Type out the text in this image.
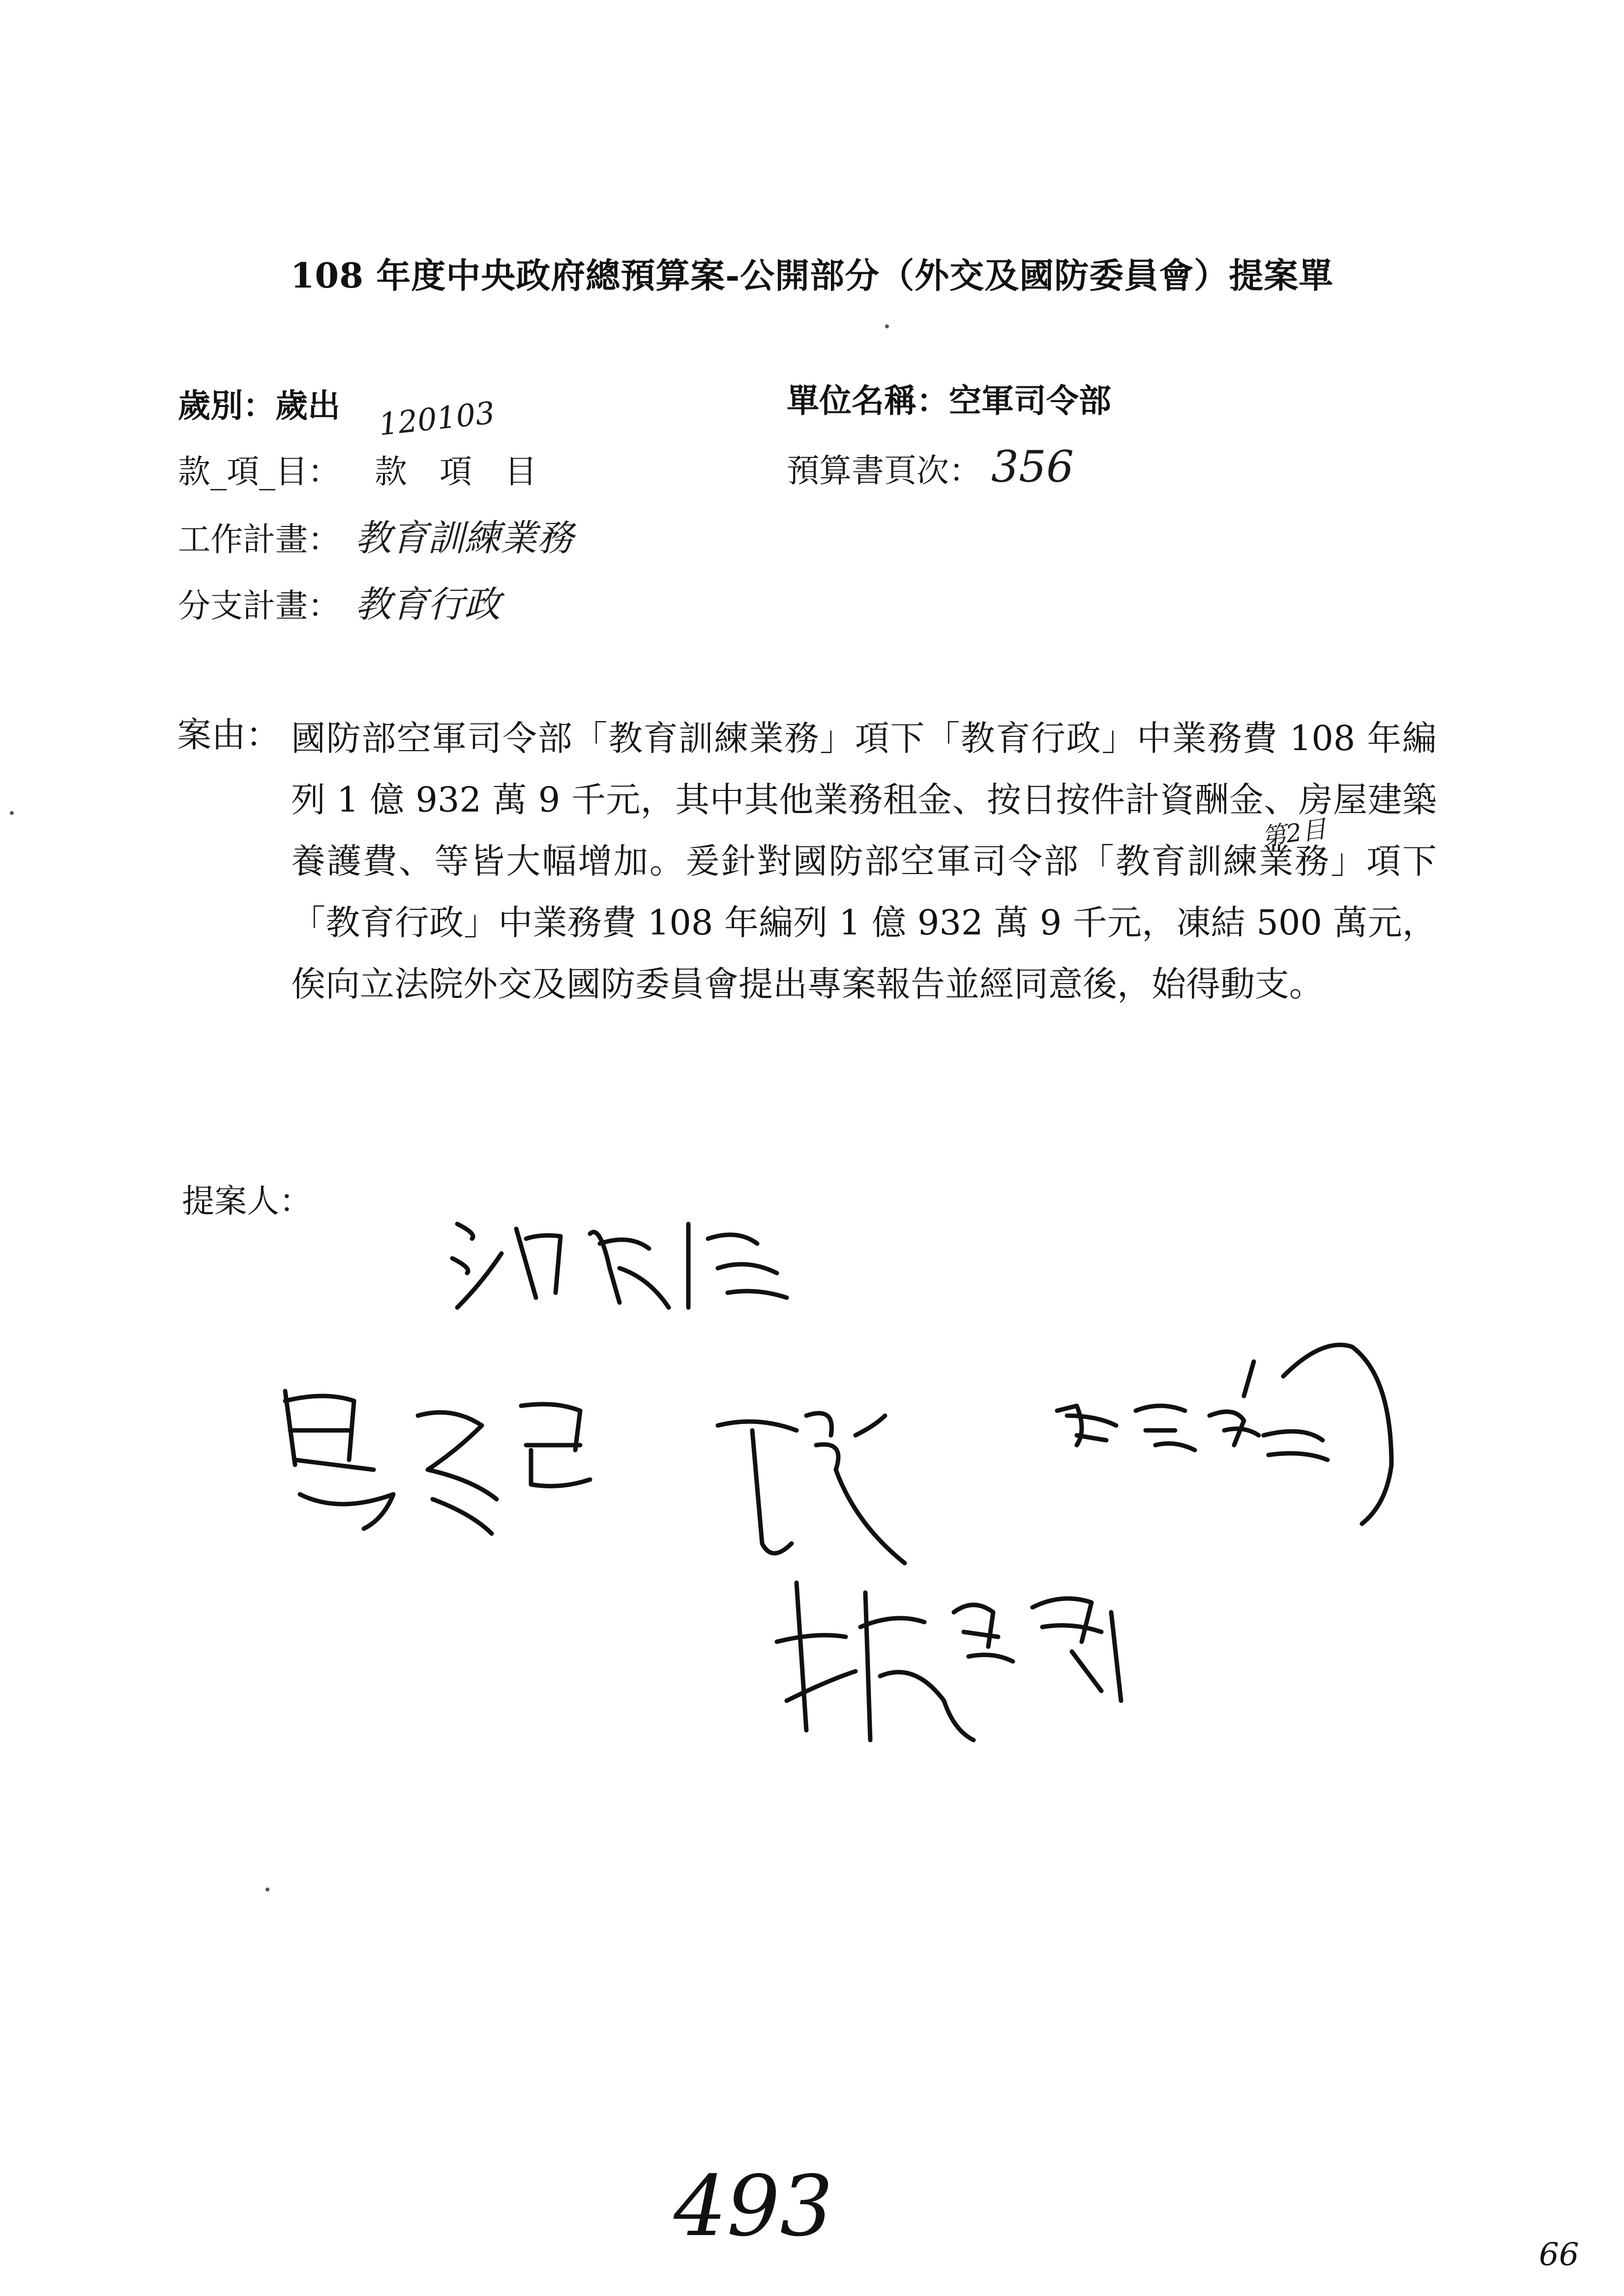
108 年度中央政府總預算案-公開部分（外交及國防委員會）提案單
歲別：歲出 120103
款_項_目： 款　項　目
工作計畫： 教育訓練業務
分支計畫： 教育行政
單位名稱：空軍司令部
預算書頁次： 356
案由： 國防部空軍司令部「教育訓練業務」項下「教育行政」中業務費 108 年編列 1 億 932 萬 9 千元，其中其他業務租金、按日按件計資酬金、房屋建築養護費、等皆大幅增加。爰針對國防部空軍司令部「教育訓練業務」項下「教育行政」中業務費 108 年編列 1 億 932 萬 9 千元，凍結 500 萬元，俟向立法院外交及國防委員會提出專案報告並經同意後，始得動支。
第2目
提案人：
493	66
